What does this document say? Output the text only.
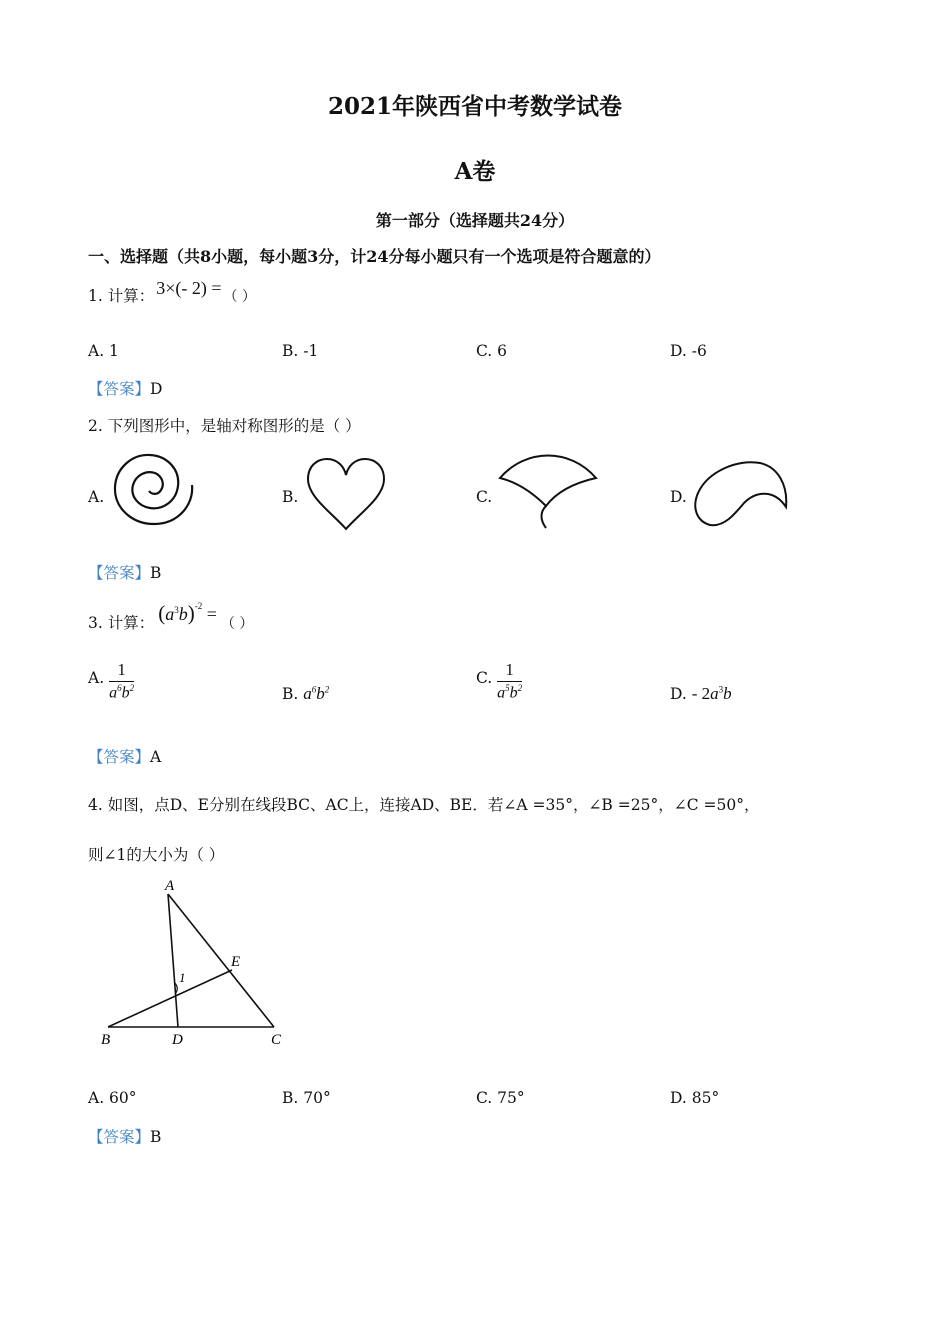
2021年陕西省中考数学试卷
A卷
第一部分（选择题共24分）
一、选择题（共8小题，每小题3分，计24分每小题只有一个选项是符合题意的）
1. 计算： 3×(- 2) = （ ）
A. 1	B. -1	C. 6	D. -6
【答案】D
2. 下列图形中，是轴对称图形的是（ ）
A.	B.	C.	D.
【答案】B
3. 计算： $(a^3b)^{-2}$ = （ ）
A. $\frac{1}{a^6b^2}$	B. $a^6b^2$
C. $\frac{1}{a^5b^2}$	D. - $2a^3b$
【答案】A
4. 如图，点D、E分别在线段BC、AC上，连接AD、BE．若∠A =35°，∠B =25°，∠C =50°，
则∠1的大小为（ ）
A
B	C
D
E
1
A. 60°	B. 70°	C. 75°	D. 85°
【答案】B
